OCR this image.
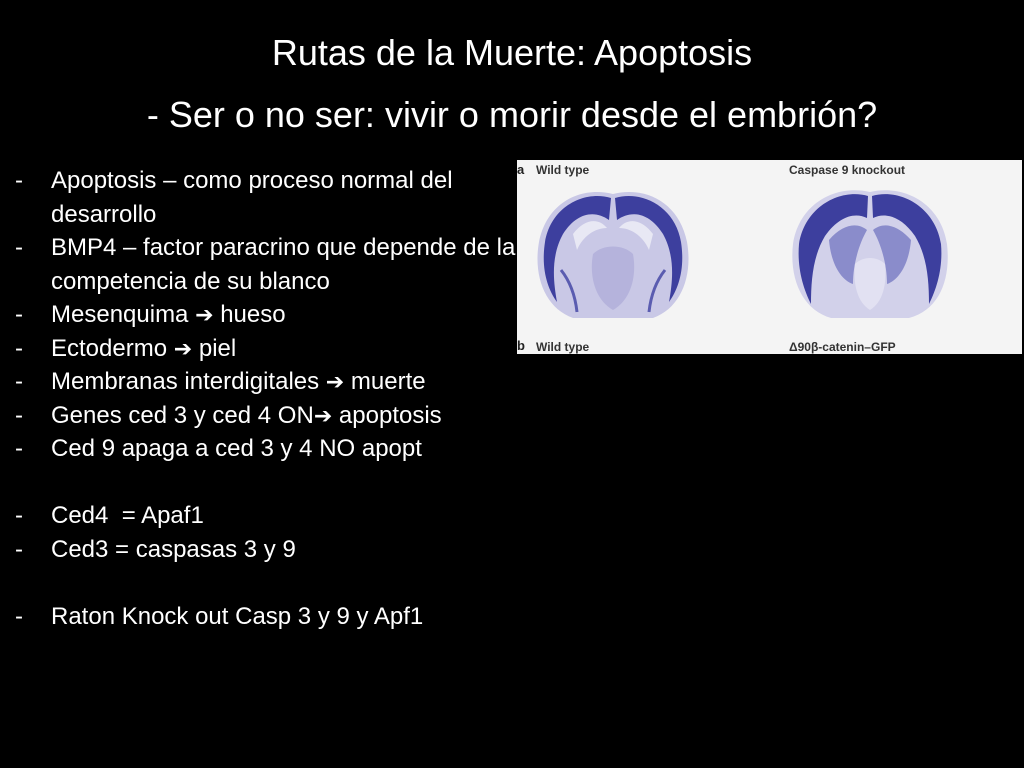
Rutas de la Muerte: Apoptosis
- Ser o no ser: vivir o morir desde el embrión?
- Apoptosis – como proceso normal del desarrollo
- BMP4 – factor paracrino que depende de la competencia de su blanco
- Mesenquima ➔ hueso
- Ectodermo ➔ piel
- Membranas interdigitales ➔ muerte
- Genes ced 3 y ced 4 ON➔ apoptosis
- Ced 9 apaga a ced 3 y 4 NO apopt
- Ced4  = Apaf1
- Ced3 = caspasas 3 y 9
- Raton Knock out Casp 3 y 9 y Apf1
a Wild type	Caspase 9 knockout
b Wild type	Δ90β-catenin–GFP
